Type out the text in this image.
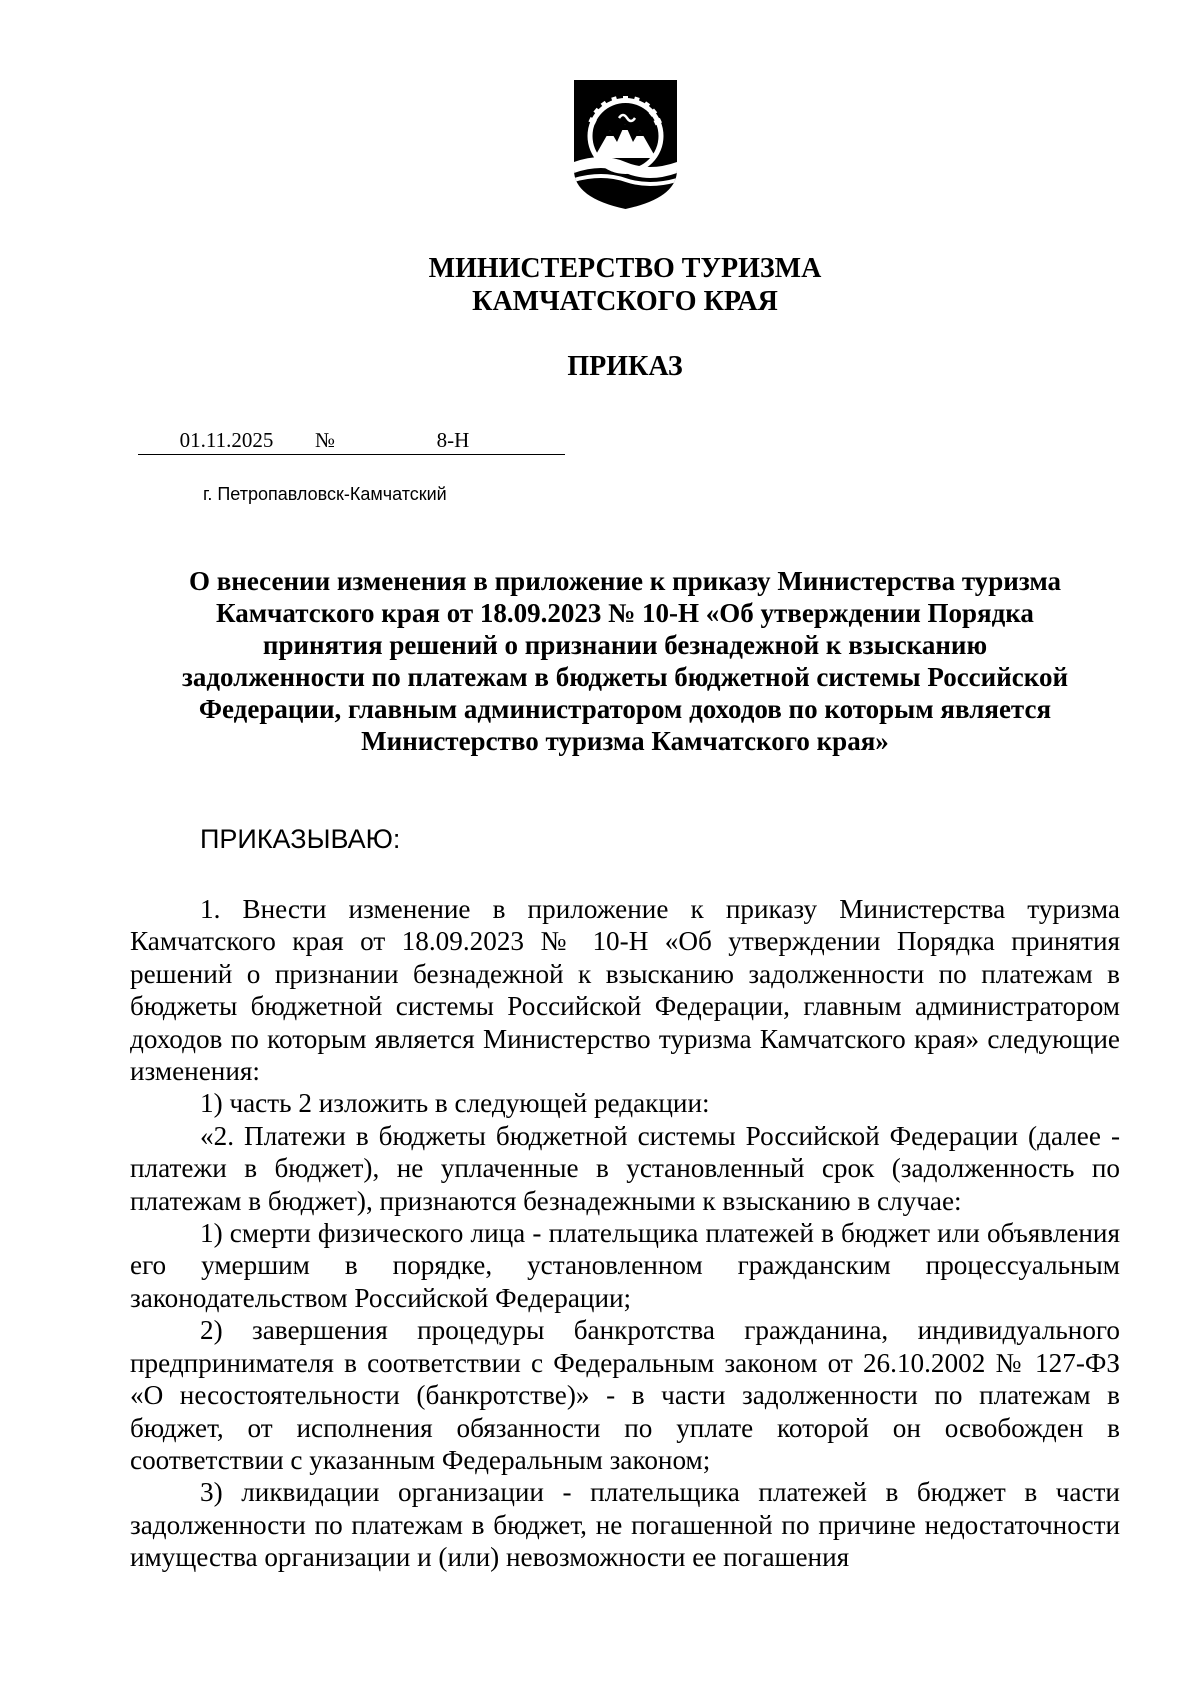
МИНИСТЕРСТВО ТУРИЗМА
КАМЧАТСКОГО КРАЯ
ПРИКАЗ
01.11.2025	№	8-Н
г. Петропавловск-Камчатский
О внесении изменения в приложение к приказу Министерства туризма
Камчатского края от 18.09.2023 № 10-Н «Об утверждении Порядка
принятия решений о признании безнадежной к взысканию
задолженности по платежам в бюджеты бюджетной системы Российской
Федерации, главным администратором доходов по которым является
Министерство туризма Камчатского края»
ПРИКАЗЫВАЮ:

1. Внести изменение в приложение к приказу Министерства туризма Камчатского края от 18.09.2023 № 10-Н «Об утверждении Порядка принятия решений о признании безнадежной к взысканию задолженности по платежам в бюджеты бюджетной системы Российской Федерации, главным администратором доходов по которым является Министерство туризма Камчатского края» следующие изменения:

1) часть 2 изложить в следующей редакции:

«2. Платежи в бюджеты бюджетной системы Российской Федерации (далее - платежи в бюджет), не уплаченные в установленный срок (задолженность по платежам в бюджет), признаются безнадежными к взысканию в случае:

1) смерти физического лица - плательщика платежей в бюджет или объявления его умершим в порядке, установленном гражданским процессуальным законодательством Российской Федерации;

2) завершения процедуры банкротства гражданина, индивидуального предпринимателя в соответствии с Федеральным законом от 26.10.2002 № 127-ФЗ «О несостоятельности (банкротстве)» - в части задолженности по платежам в бюджет, от исполнения обязанности по уплате которой он освобожден в соответствии с указанным Федеральным законом;

3) ликвидации организации - плательщика платежей в бюджет в части задолженности по платежам в бюджет, не погашенной по причине недостаточности имущества организации и (или) невозможности ее погашения
